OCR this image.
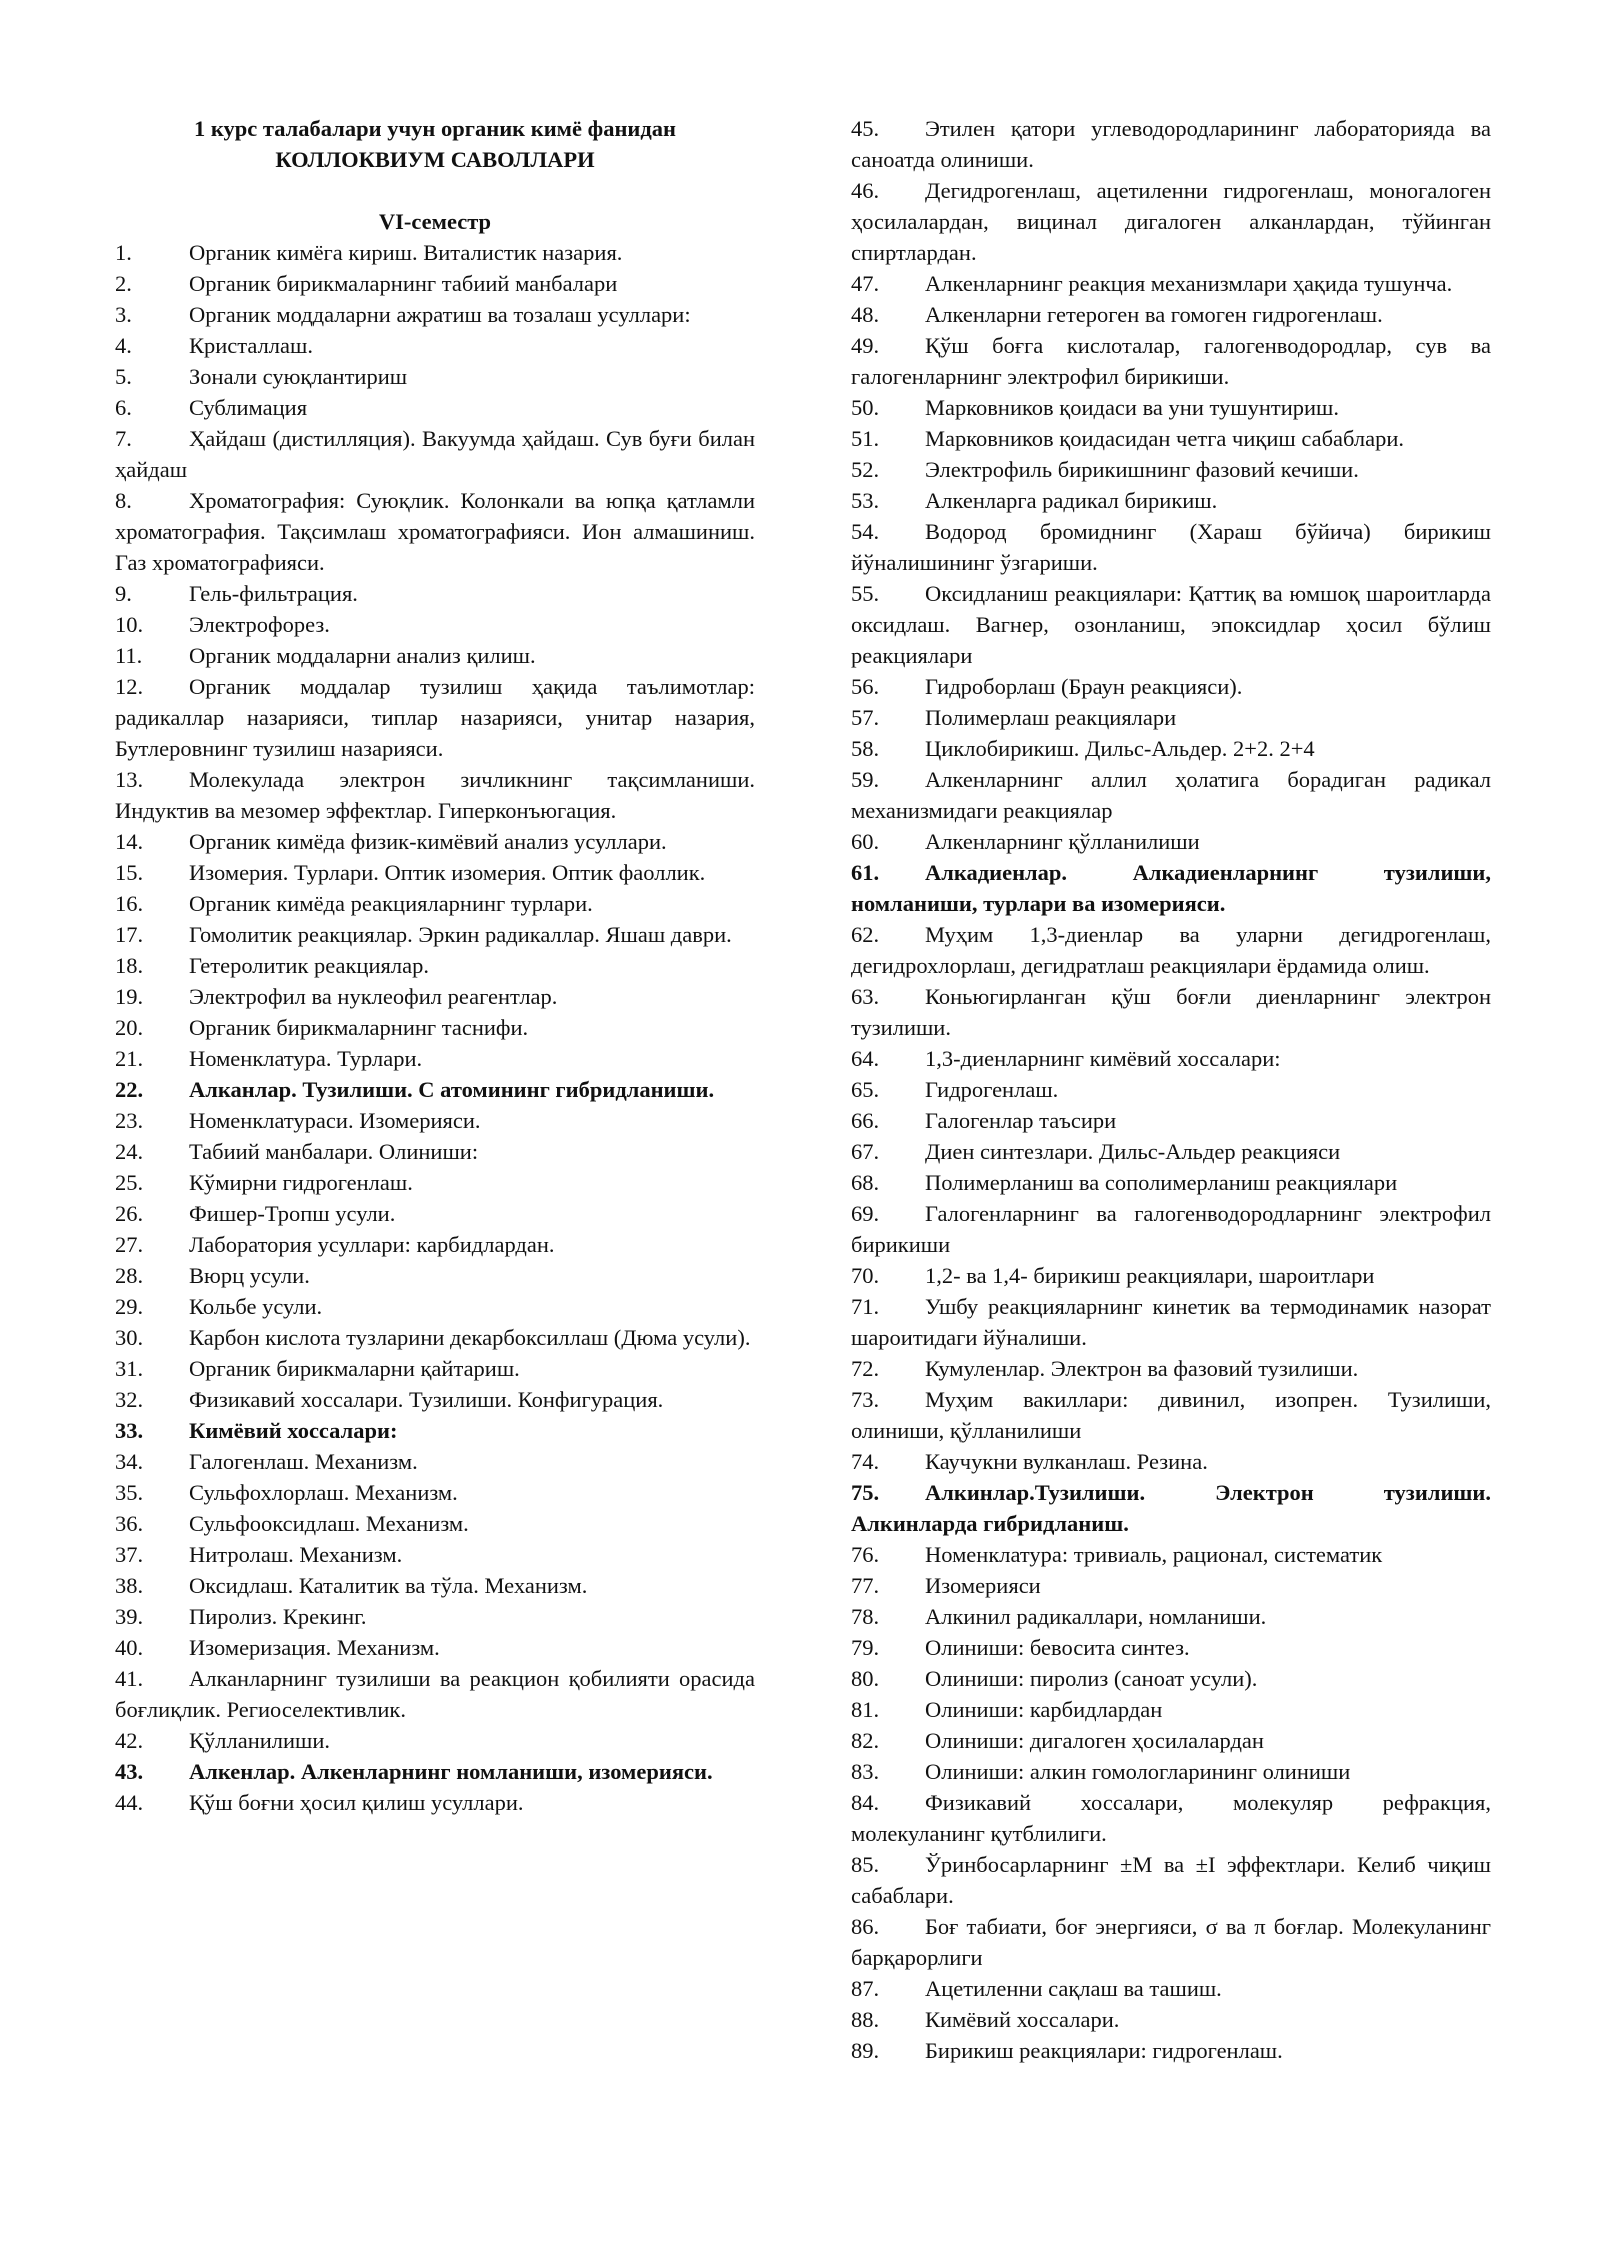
1 курс талабалари учун органик кимё фанидан
КОЛЛОКВИУМ САВОЛЛАРИ
VI-семестр
1.	Органик кимёга кириш. Виталистик назария.
2.	Органик бирикмаларнинг табиий манбалари
3.	Органик моддаларни ажратиш ва тозалаш усуллари:
4.	Кристаллаш.
5.	Зонали суюқлантириш
6.	Сублимация
7.	Ҳайдаш (дистилляция). Вакуумда ҳайдаш. Сув буғи билан ҳайдаш
8.	Хроматография: Суюқлик. Колонкали ва юпқа қатламли хроматография. Тақсимлаш хроматографияси. Ион алмашиниш. Газ хроматографияси.
9.	Гель-фильтрация.
10. Электрофорез.
11. Органик моддаларни анализ қилиш.
12. Органик моддалар тузилиш ҳақида таълимотлар: радикаллар назарияси, типлар назарияси, унитар назария, Бутлеровнинг тузилиш назарияси.
13. Молекулада электрон зичликнинг тақсимланиши. Индуктив ва мезомер эффектлар. Гиперконъюгация.
14. Органик кимёда физик-кимёвий анализ усуллари.
15. Изомерия. Турлари. Оптик изомерия. Оптик фаоллик.
16. Органик кимёда реакцияларнинг турлари.
17. Гомолитик реакциялар. Эркин радикаллар. Яшаш даври.
18. Гетеролитик реакциялар.
19. Электрофил ва нуклеофил реагентлар.
20. Органик бирикмаларнинг таснифи.
21. Номенклатура. Турлари.
22. Алканлар. Тузилиши. С атомининг гибридланиши.
23. Номенклатураси. Изомерияси.
24. Табиий манбалари. Олиниши:
25. Кўмирни гидрогенлаш.
26. Фишер-Тропш усули.
27. Лаборатория усуллари: карбидлардан.
28. Вюрц усули.
29. Кольбе усули.
30. Карбон кислота тузларини декарбоксиллаш (Дюма усули).
31. Органик бирикмаларни қайтариш.
32. Физикавий хоссалари. Тузилиши. Конфигурация.
33. Кимёвий хоссалари:
34. Галогенлаш. Механизм.
35. Сульфохлорлаш. Механизм.
36. Сульфооксидлаш. Механизм.
37. Нитролаш. Механизм.
38. Оксидлаш. Каталитик ва тўла. Механизм.
39. Пиролиз. Крекинг.
40. Изомеризация. Механизм.
41. Алканларнинг тузилиши ва реакцион қобилияти орасида боғлиқлик. Региоселективлик.
42. Қўлланилиши.
43. Алкенлар. Алкенларнинг номланиши, изомерияси.
44. Қўш боғни ҳосил қилиш усуллари.
45. Этилен қатори углеводородларининг лабораторияда ва саноатда олиниши.
46. Дегидрогенлаш, ацетиленни гидрогенлаш, моногалоген ҳосилалардан, вицинал дигалоген алканлардан, тўйинган спиртлардан.
47. Алкенларнинг реакция механизмлари ҳақида тушунча.
48. Алкенларни гетероген ва гомоген гидрогенлаш.
49. Қўш боғга кислоталар, галогенводородлар, сув ва галогенларнинг электрофил бирикиши.
50. Марковников қоидаси ва уни тушунтириш.
51. Марковников қоидасидан четга чиқиш сабаблари.
52. Электрофиль бирикишнинг фазовий кечиши.
53. Алкенларга радикал бирикиш.
54. Водород бромиднинг (Хараш бўйича) бирикиш йўналишининг ўзгариши.
55. Оксидланиш реакциялари: Қаттиқ ва юмшоқ шароитларда оксидлаш. Вагнер, озонланиш, эпоксидлар ҳосил бўлиш реакциялари
56. Гидроборлаш (Браун реакцияси).
57. Полимерлаш реакциялари
58. Циклобирикиш. Дильс-Альдер. 2+2. 2+4
59. Алкенларнинг аллил ҳолатига борадиган радикал механизмидаги реакциялар
60. Алкенларнинг қўлланилиши
61. Алкадиенлар. Алкадиенларнинг тузилиши, номланиши, турлари ва изомерияси.
62. Муҳим 1,3-диенлар ва уларни дегидрогенлаш, дегидрохлорлаш, дегидратлаш реакциялари ёрдамида олиш.
63. Коньюгирланган қўш боғли диенларнинг электрон тузилиши.
64. 1,3-диенларнинг кимёвий хоссалари:
65. Гидрогенлаш.
66. Галогенлар таъсири
67. Диен синтезлари. Дильс-Альдер реакцияси
68. Полимерланиш ва сополимерланиш реакциялари
69. Галогенларнинг ва галогенводородларнинг электрофил бирикиши
70. 1,2- ва 1,4- бирикиш реакциялари, шароитлари
71. Ушбу реакцияларнинг кинетик ва термодинамик назорат шароитидаги йўналиши.
72. Кумуленлар. Электрон ва фазовий тузилиши.
73. Муҳим вакиллари: дивинил, изопрен. Тузилиши, олиниши, қўлланилиши
74. Каучукни вулканлаш. Резина.
75. Алкинлар.Тузилиши. Электрон тузилиши. Алкинларда гибридланиш.
76. Номенклатура: тривиаль, рационал, систематик
77. Изомерияси
78. Алкинил радикаллари, номланиши.
79. Олиниши: бевосита синтез.
80. Олиниши: пиролиз (саноат усули).
81. Олиниши: карбидлардан
82. Олиниши: дигалоген ҳосилалардан
83. Олиниши: алкин гомологларининг олиниши
84. Физикавий хоссалари, молекуляр рефракция, молекуланинг қутблилиги.
85. Ўринбосарларнинг ±M ва ±I эффектлари. Келиб чиқиш сабаблари.
86. Боғ табиати, боғ энергияси, σ ва π боғлар. Молекуланинг барқарорлиги
87. Ацетиленни сақлаш ва ташиш.
88. Кимёвий хоссалари.
89. Бирикиш реакциялари: гидрогенлаш.
